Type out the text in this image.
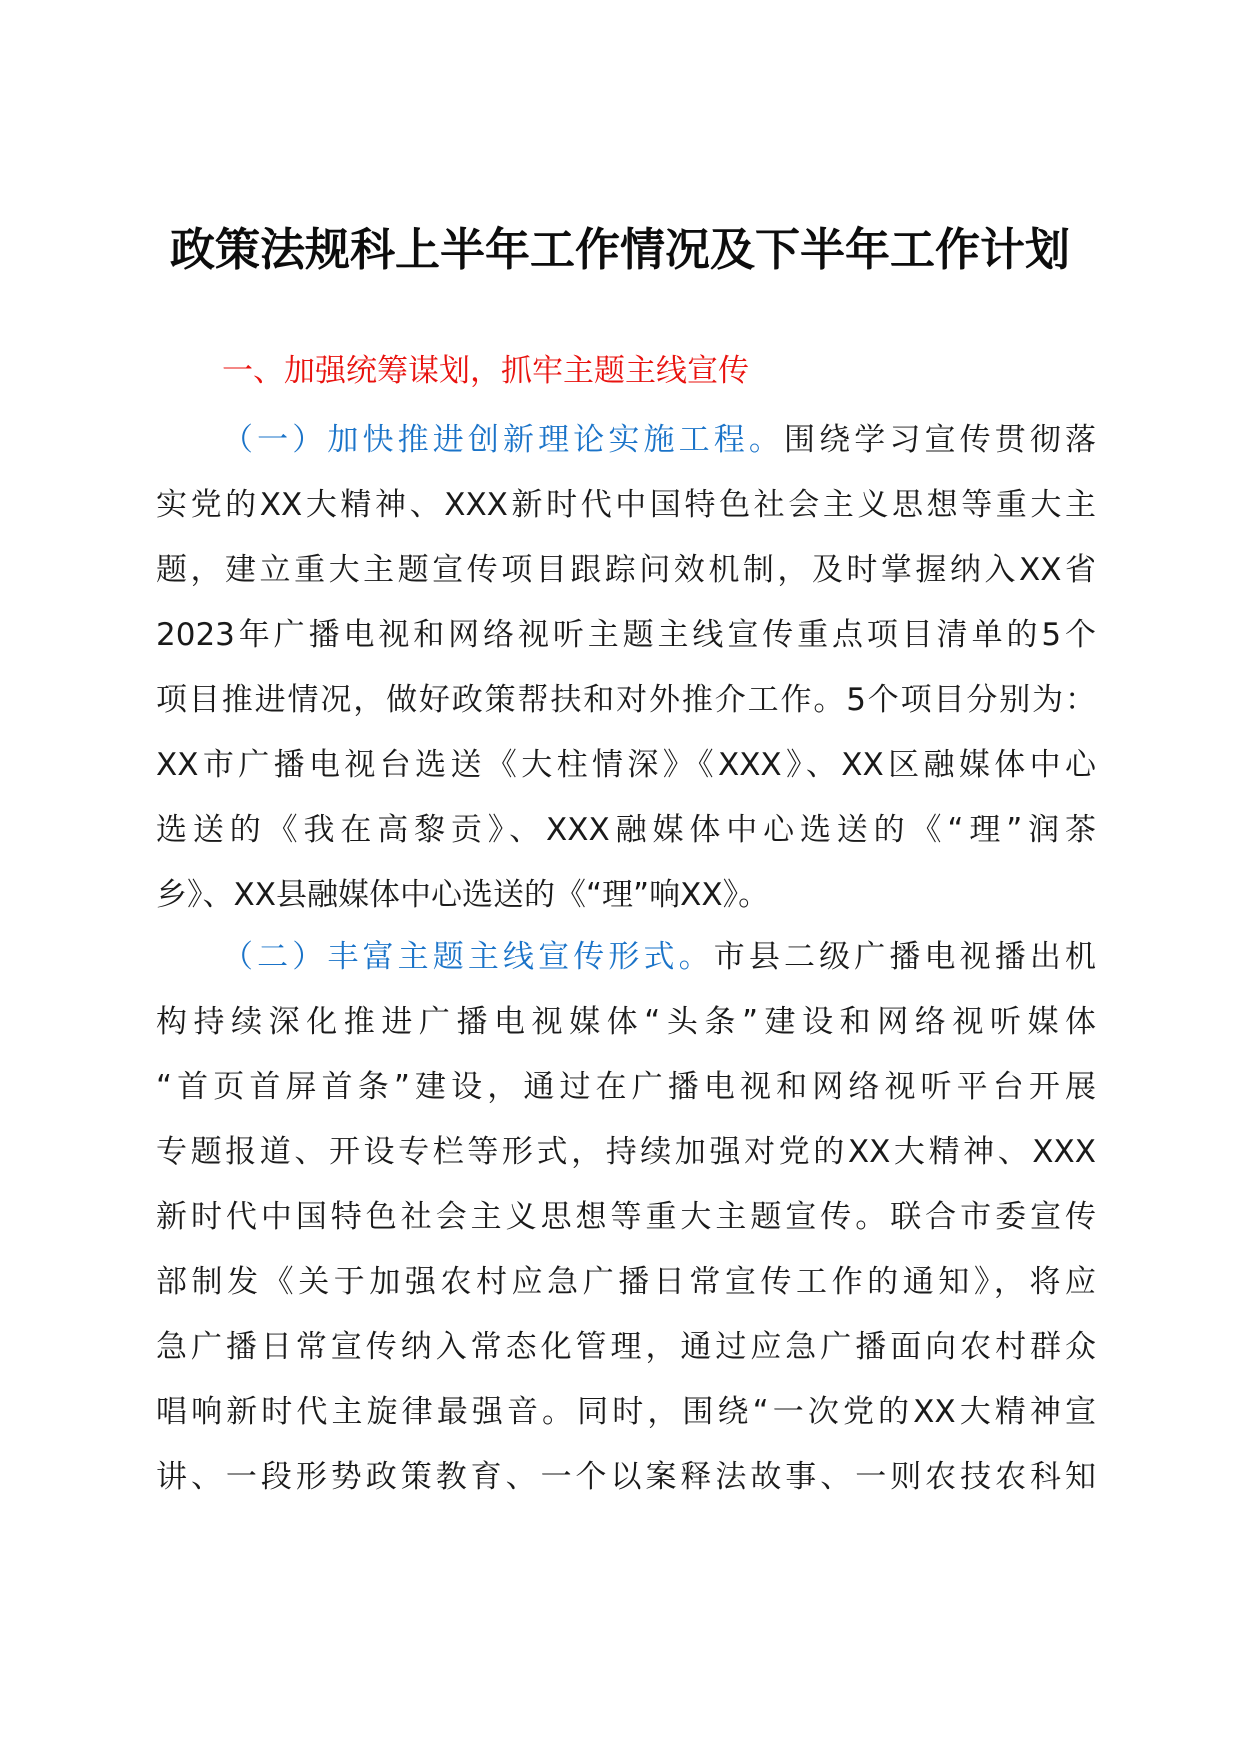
政策法规科上半年工作情况及下半年工作计划

一、加强统筹谋划，抓牢主题主线宣传

（一）加快推进创新理论实施工程。围绕学习宣传贯彻落
实党的XX大精神、XXX新时代中国特色社会主义思想等重大主
题，建立重大主题宣传项目跟踪问效机制，及时掌握纳入XX省
2023年广播电视和网络视听主题主线宣传重点项目清单的5个
项目推进情况，做好政策帮扶和对外推介工作。5个项目分别为：
XX市广播电视台选送《大柱情深》《XXX》、XX区融媒体中心
选送的《我在高黎贡》、XXX融媒体中心选送的《“理”润茶
乡》、XX县融媒体中心选送的《“理”响XX》。
（二）丰富主题主线宣传形式。市县二级广播电视播出机
构持续深化推进广播电视媒体“头条”建设和网络视听媒体
“首页首屏首条”建设，通过在广播电视和网络视听平台开展
专题报道、开设专栏等形式，持续加强对党的XX大精神、XXX
新时代中国特色社会主义思想等重大主题宣传。联合市委宣传
部制发《关于加强农村应急广播日常宣传工作的通知》，将应
急广播日常宣传纳入常态化管理，通过应急广播面向农村群众
唱响新时代主旋律最强音。同时，围绕“一次党的XX大精神宣
讲、一段形势政策教育、一个以案释法故事、一则农技农科知
